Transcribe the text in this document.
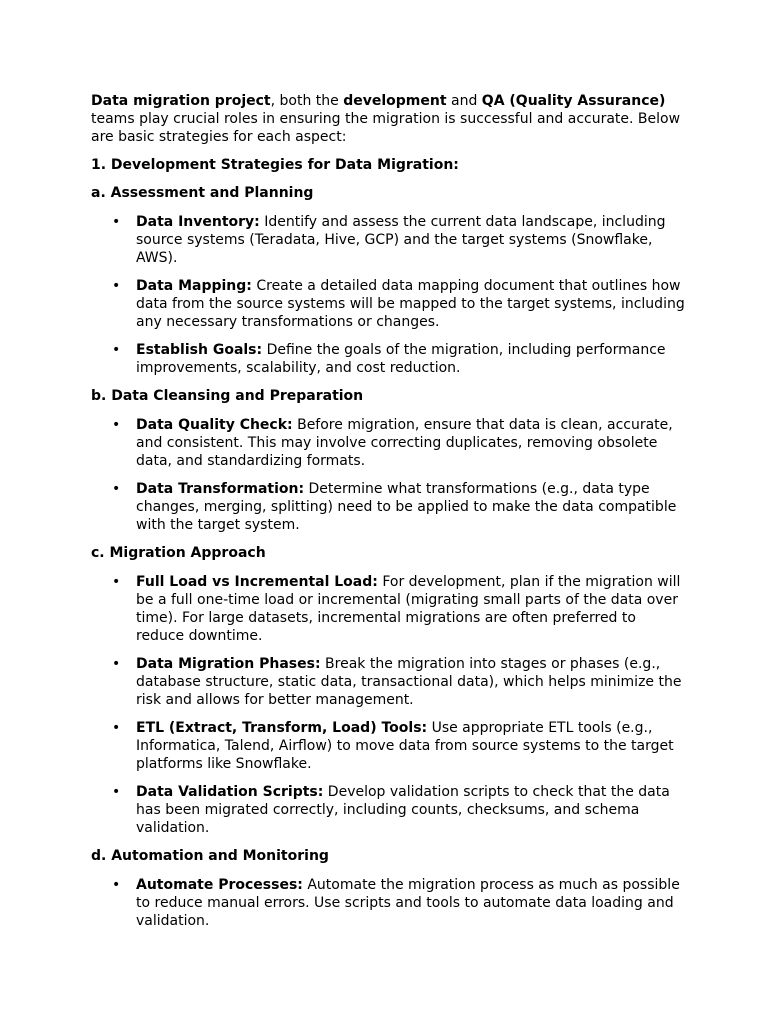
Data migration project, both the development and QA (Quality Assurance) teams play crucial roles in ensuring the migration is successful and accurate. Below are basic strategies for each aspect:

1. Development Strategies for Data Migration:
a. Assessment and Planning
• Data Inventory: Identify and assess the current data landscape, including source systems (Teradata, Hive, GCP) and the target systems (Snowflake, AWS).
• Data Mapping: Create a detailed data mapping document that outlines how data from the source systems will be mapped to the target systems, including any necessary transformations or changes.
• Establish Goals: Define the goals of the migration, including performance improvements, scalability, and cost reduction.
b. Data Cleansing and Preparation
• Data Quality Check: Before migration, ensure that data is clean, accurate, and consistent. This may involve correcting duplicates, removing obsolete data, and standardizing formats.
• Data Transformation: Determine what transformations (e.g., data type changes, merging, splitting) need to be applied to make the data compatible with the target system.
c. Migration Approach
• Full Load vs Incremental Load: For development, plan if the migration will be a full one-time load or incremental (migrating small parts of the data over time). For large datasets, incremental migrations are often preferred to reduce downtime.
• Data Migration Phases: Break the migration into stages or phases (e.g., database structure, static data, transactional data), which helps minimize the risk and allows for better management.
• ETL (Extract, Transform, Load) Tools: Use appropriate ETL tools (e.g., Informatica, Talend, Airflow) to move data from source systems to the target platforms like Snowflake.
• Data Validation Scripts: Develop validation scripts to check that the data has been migrated correctly, including counts, checksums, and schema validation.
d. Automation and Monitoring
• Automate Processes: Automate the migration process as much as possible to reduce manual errors. Use scripts and tools to automate data loading and validation.
